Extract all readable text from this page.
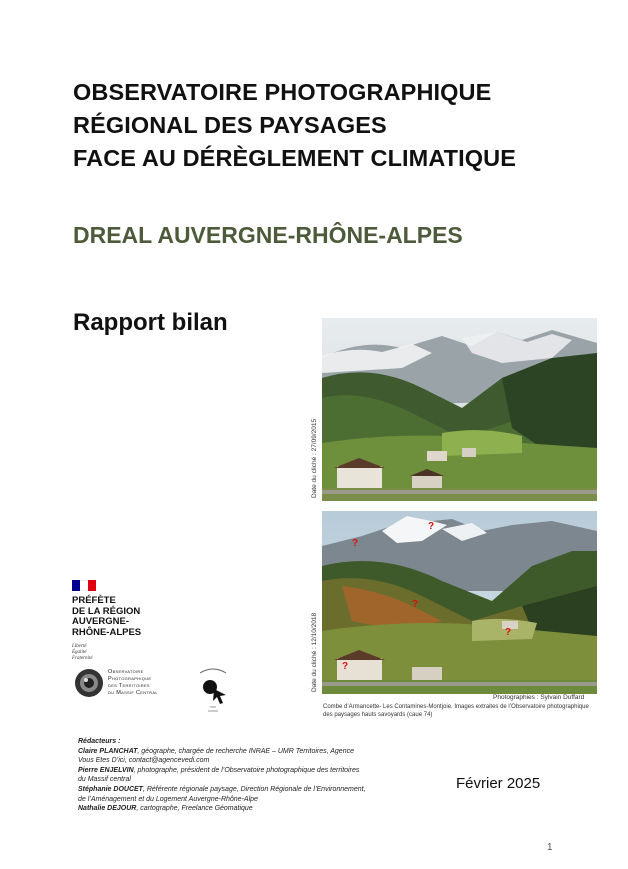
OBSERVATOIRE PHOTOGRAPHIQUE
RÉGIONAL DES PAYSAGES
FACE AU DÉRÈGLEMENT CLIMATIQUE
DREAL AUVERGNE-RHÔNE-ALPES
Rapport bilan
Date du cliché : 27/09/2015
?
?
?
?
?
Date du cliché : 12/10/2018
Photographies : Sylvain Duffard
Combe d’Armancette- Les Contamines-Montjoie. Images extraites de l’Observatoire photographique des paysages hauts savoyards (caue 74)
PRÉFÈTE
DE LA RÉGION
AUVERGNE-
RHÔNE-ALPES
Liberté
Égalité
Fraternité
Observatoire
Photographique
des Territoires
du Massif Central
Rédacteurs :
Claire PLANCHAT, géographe, chargée de recherche INRAE – UMR Territoires, Agence Vous Etes D’ici, contact@agencevedi.com
Pierre ENJELVIN, photographe, président de l’Observatoire photographique des territoires du Massif central
Stéphanie DOUCET, Référente régionale paysage, Direction Régionale de l’Environnement, de l’Aménagement et du Logement Auvergne-Rhône-Alpe
Nathalie DEJOUR, cartographe, Freelance Géomatique
Février 2025
1
